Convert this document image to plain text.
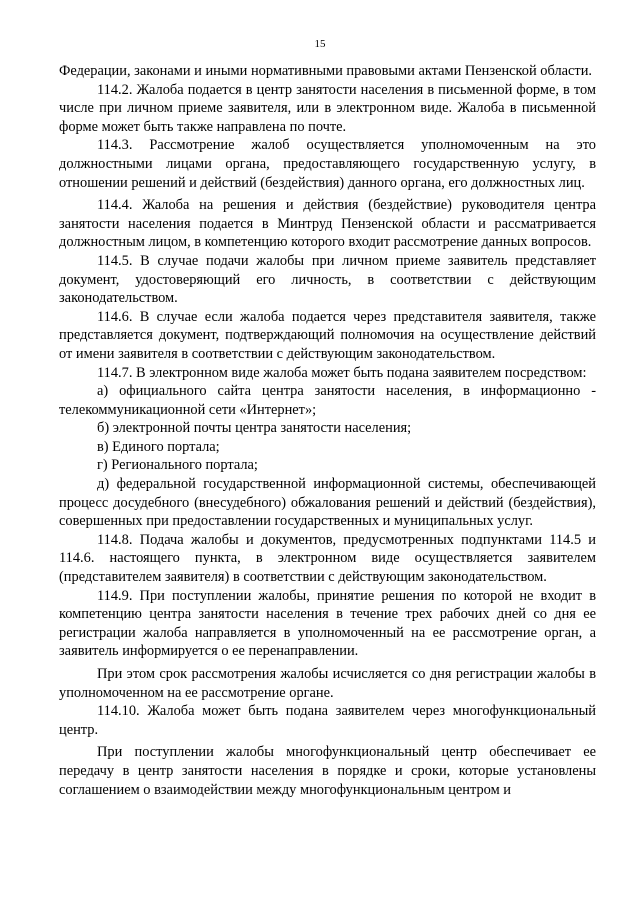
15

Федерации, законами и иными нормативными правовыми актами Пензенской области.

114.2. Жалоба подается в центр занятости населения в письменной форме, в том числе при личном приеме заявителя, или в электронном виде. Жалоба в письменной форме может быть также направлена по почте.

114.3. Рассмотрение жалоб осуществляется уполномоченным на это должностными лицами органа, предоставляющего государственную услугу, в отношении решений и действий (бездействия) данного органа, его должностных лиц.

114.4. Жалоба на решения и действия (бездействие) руководителя центра занятости населения подается в Минтруд Пензенской области и рассматривается должностным лицом, в компетенцию которого входит рассмотрение данных вопросов.

114.5. В случае подачи жалобы при личном приеме заявитель представляет документ, удостоверяющий его личность, в соответствии с действующим законодательством.

114.6. В случае если жалоба подается через представителя заявителя, также представляется документ, подтверждающий полномочия на осуществление действий от имени заявителя в соответствии с действующим законодательством.

114.7. В электронном виде жалоба может быть подана заявителем посредством:

а) официального сайта центра занятости населения, в информационно - телекоммуникационной сети «Интернет»;

б) электронной почты центра занятости населения;

в) Единого портала;

г) Регионального портала;

д) федеральной государственной информационной системы, обеспечивающей процесс досудебного (внесудебного) обжалования решений и действий (бездействия), совершенных при предоставлении государственных и муниципальных услуг.

114.8. Подача жалобы и документов, предусмотренных подпунктами 114.5 и 114.6. настоящего пункта, в электронном виде осуществляется заявителем (представителем заявителя) в соответствии с действующим законодательством.

114.9. При поступлении жалобы, принятие решения по которой не входит в компетенцию центра занятости населения в течение трех рабочих дней со дня ее регистрации жалоба направляется в уполномоченный на ее рассмотрение орган, а заявитель информируется о ее перенаправлении.

При этом срок рассмотрения жалобы исчисляется со дня регистрации жалобы в уполномоченном на ее рассмотрение органе.

114.10. Жалоба может быть подана заявителем через многофункциональный центр.

При поступлении жалобы многофункциональный центр обеспечивает ее передачу в центр занятости населения в порядке и сроки, которые установлены соглашением о взаимодействии между многофункциональным центром и
